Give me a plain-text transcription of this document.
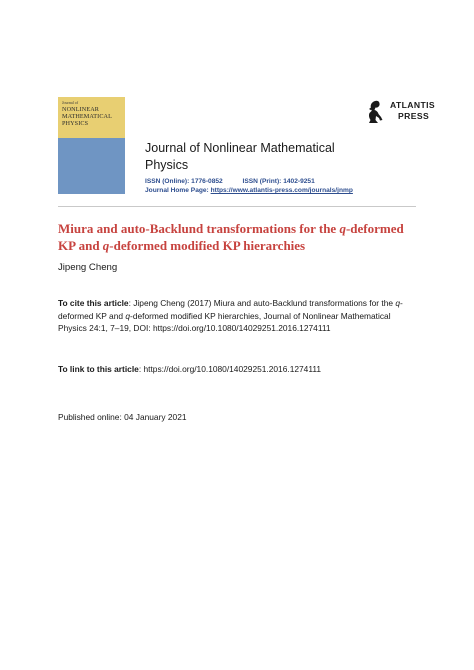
Journal of
NONLINEAR
MATHEMATICAL
PHYSICS
Journal of Nonlinear Mathematical Physics
ISSN (Online): 1776-0852	ISSN (Print): 1402-9251
Journal Home Page: https://www.atlantis-press.com/journals/jnmp
ATLANTIS
PRESS
Miura and auto-Backlund transformations for the q-deformed KP and q-deformed modified KP hierarchies
Jipeng Cheng

To cite this article: Jipeng Cheng (2017) Miura and auto-Backlund transformations for the q-deformed KP and q-deformed modified KP hierarchies, Journal of Nonlinear Mathematical Physics 24:1, 7–19, DOI: https://doi.org/10.1080/14029251.2016.1274111

To link to this article: https://doi.org/10.1080/14029251.2016.1274111

Published online: 04 January 2021
